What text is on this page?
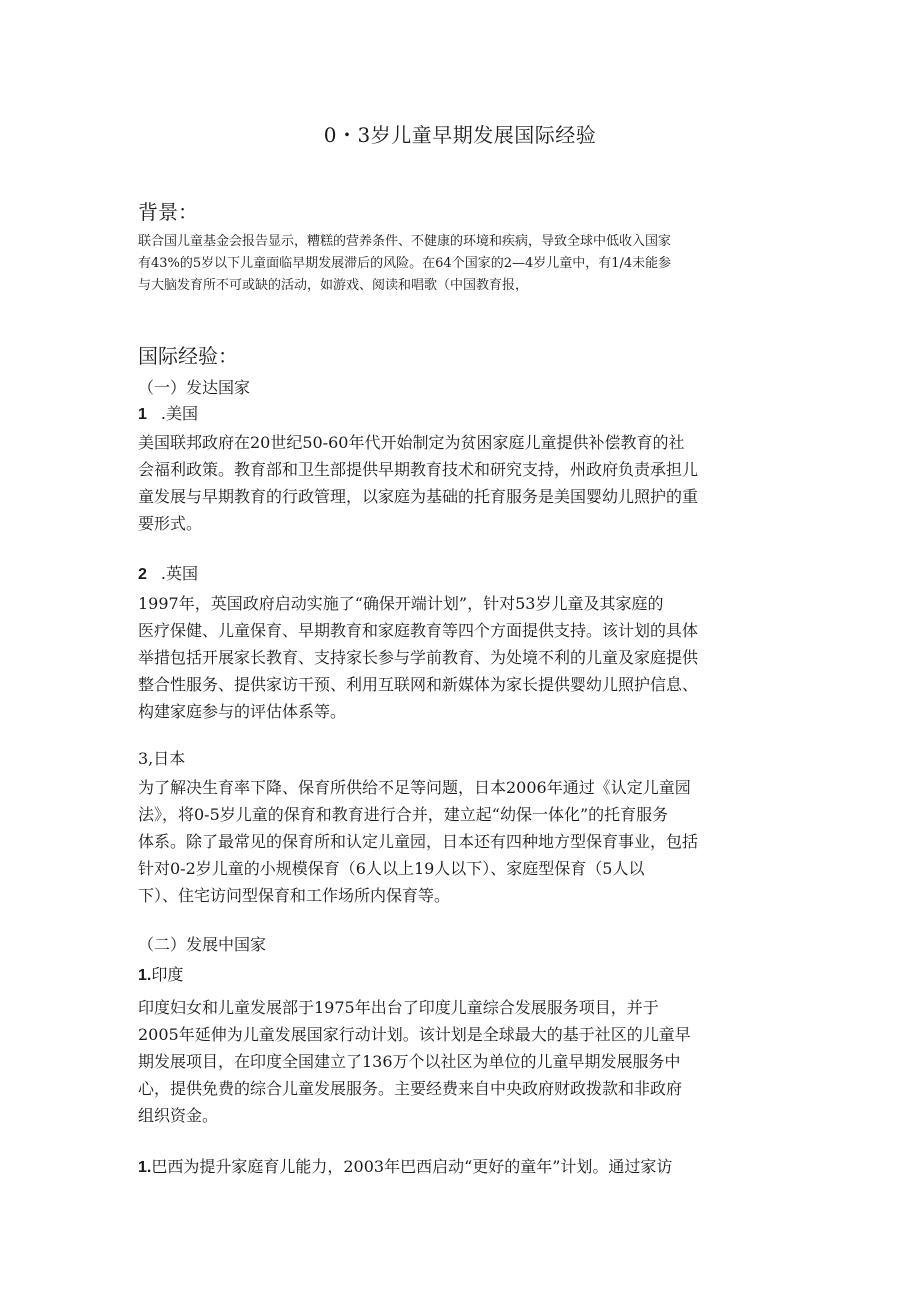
0・3岁儿童早期发展国际经验
背景：
联合国儿童基金会报告显示，糟糕的营养条件、不健康的环境和疾病，导致全球中低收入国家
有43%的5岁以下儿童面临早期发展滞后的风险。在64个国家的2—4岁儿童中，有1/4未能参
与大脑发育所不可或缺的活动，如游戏、阅读和唱歌（中国教育报，
国际经验：
（一）发达国家
1 .美国
美国联邦政府在20世纪50-60年代开始制定为贫困家庭儿童提供补偿教育的社
会福利政策。教育部和卫生部提供早期教育技术和研究支持，州政府负责承担儿
童发展与早期教育的行政管理，以家庭为基础的托育服务是美国婴幼儿照护的重
要形式。
2 .英国
1997年，英国政府启动实施了“确保开端计划”，针对53岁儿童及其家庭的
医疗保健、儿童保育、早期教育和家庭教育等四个方面提供支持。该计划的具体
举措包括开展家长教育、支持家长参与学前教育、为处境不利的儿童及家庭提供
整合性服务、提供家访干预、利用互联网和新媒体为家长提供婴幼儿照护信息、
构建家庭参与的评估体系等。
3,日本
为了解决生育率下降、保育所供给不足等问题，日本2006年通过《认定儿童园
法》，将0-5岁儿童的保育和教育进行合并，建立起“幼保一体化”的托育服务
体系。除了最常见的保育所和认定儿童园，日本还有四种地方型保育事业，包括
针对0-2岁儿童的小规模保育（6人以上19人以下）、家庭型保育（5人以
下）、住宅访问型保育和工作场所内保育等。
（二）发展中国家
1.印度
印度妇女和儿童发展部于1975年出台了印度儿童综合发展服务项目，并于
2005年延伸为儿童发展国家行动计划。该计划是全球最大的基于社区的儿童早
期发展项目，在印度全国建立了136万个以社区为单位的儿童早期发展服务中
心，提供免费的综合儿童发展服务。主要经费来自中央政府财政拨款和非政府
组织资金。
1.巴西为提升家庭育儿能力，2003年巴西启动“更好的童年”计划。通过家访
